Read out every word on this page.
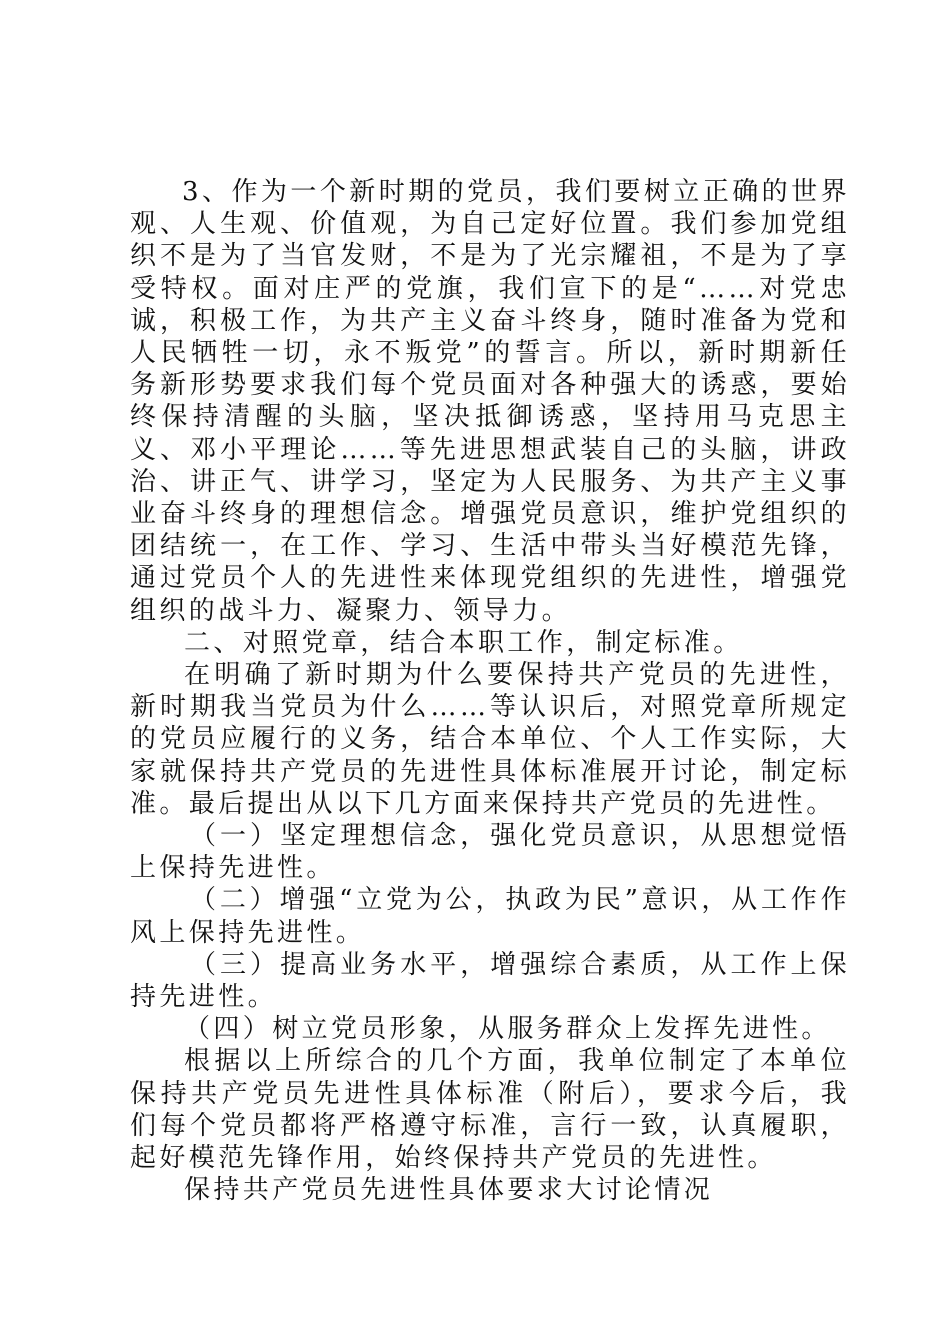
3、作为一个新时期的党员，我们要树立正确的世界观、人生观、价值观，为自己定好位置。我们参加党组织不是为了当官发财，不是为了光宗耀祖，不是为了享受特权。面对庄严的党旗，我们宣下的是“……对党忠诚，积极工作，为共产主义奋斗终身，随时准备为党和人民牺牲一切，永不叛党”的誓言。所以，新时期新任务新形势要求我们每个党员面对各种强大的诱惑，要始终保持清醒的头脑，坚决抵御诱惑，坚持用马克思主义、邓小平理论……等先进思想武装自己的头脑，讲政治、讲正气、讲学习，坚定为人民服务、为共产主义事业奋斗终身的理想信念。增强党员意识，维护党组织的团结统一，在工作、学习、生活中带头当好模范先锋，通过党员个人的先进性来体现党组织的先进性，增强党组织的战斗力、凝聚力、领导力。

二、对照党章，结合本职工作，制定标准。

在明确了新时期为什么要保持共产党员的先进性，新时期我当党员为什么……等认识后，对照党章所规定的党员应履行的义务，结合本单位、个人工作实际，大家就保持共产党员的先进性具体标准展开讨论，制定标准。最后提出从以下几方面来保持共产党员的先进性。

（一）坚定理想信念，强化党员意识，从思想觉悟上保持先进性。

（二）增强“立党为公，执政为民”意识，从工作作风上保持先进性。

（三）提高业务水平，增强综合素质，从工作上保持先进性。

（四）树立党员形象，从服务群众上发挥先进性。

根据以上所综合的几个方面，我单位制定了本单位保持共产党员先进性具体标准（附后），要求今后，我们每个党员都将严格遵守标准，言行一致，认真履职，起好模范先锋作用，始终保持共产党员的先进性。

保持共产党员先进性具体要求大讨论情况
